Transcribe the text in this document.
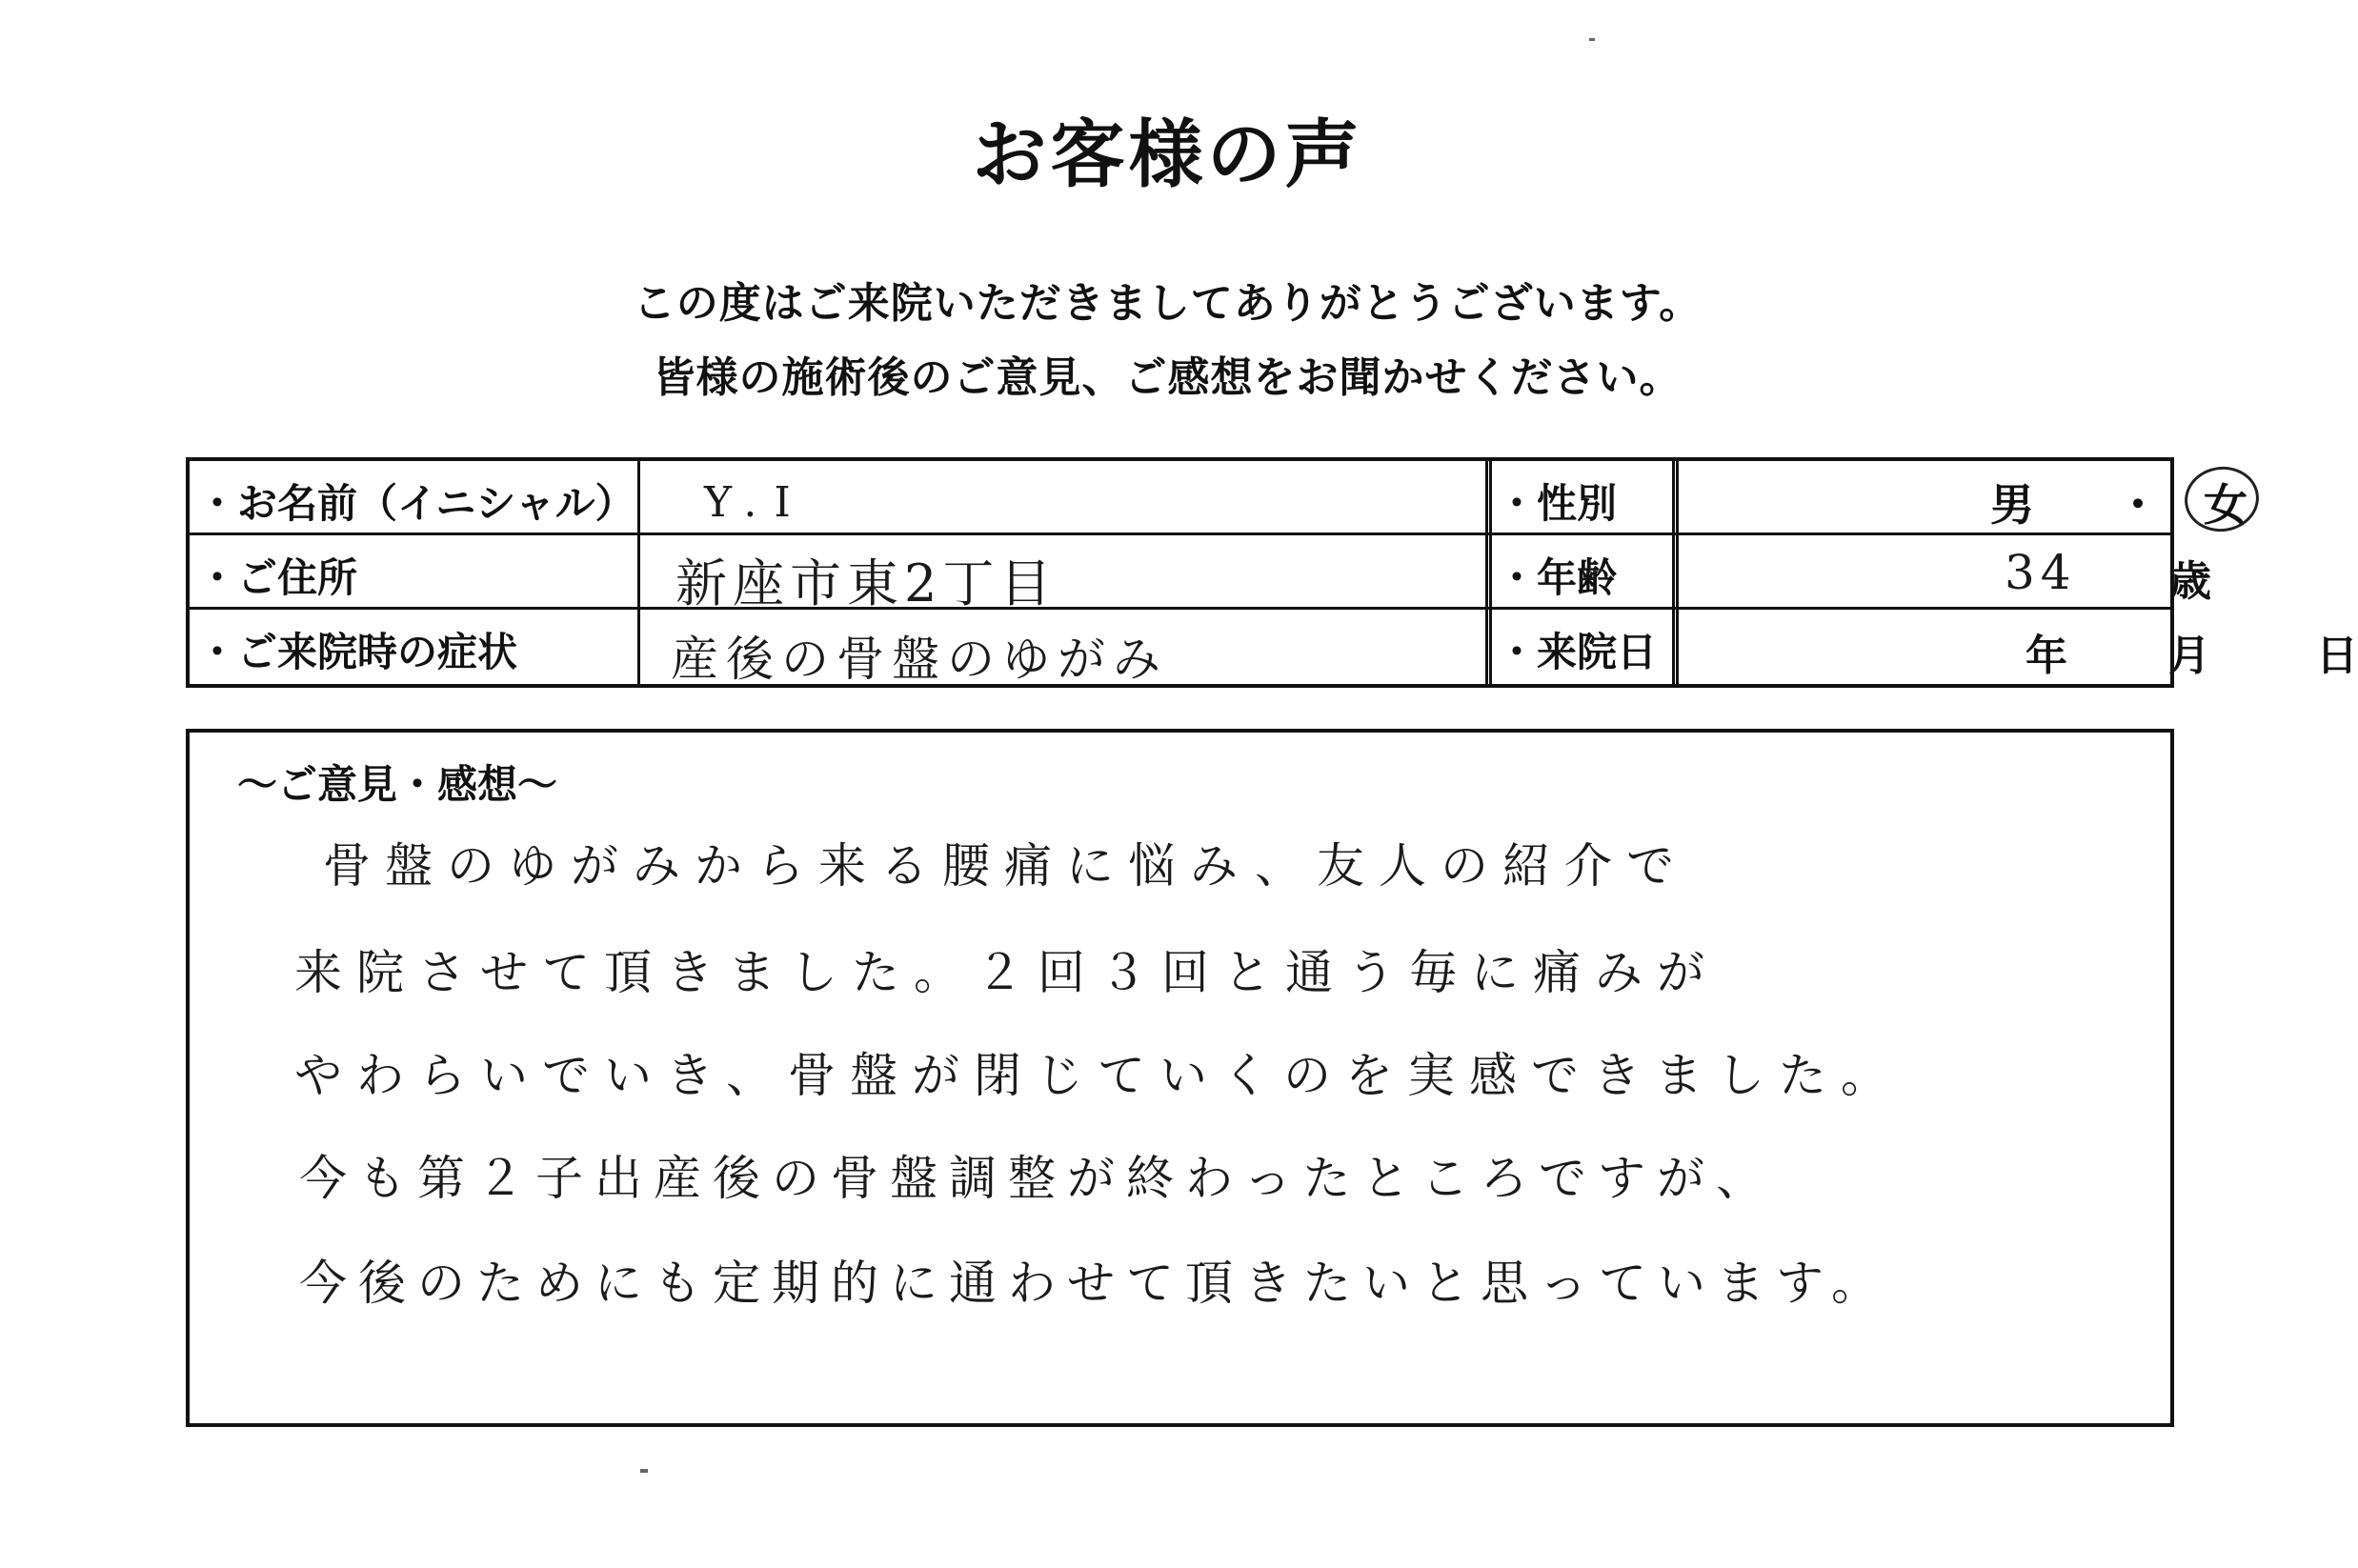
お客様の声
この度はご来院いただきましてありがとうございます。
皆様の施術後のご意見、ご感想をお聞かせください。
・お名前（イニシャル） Y.I	・性別	男 ・ 女
・ご住所	新座市東2丁目	・年齢	34 歳
・ご来院時の症状	産後の骨盤のゆがみ	・来院日	年 月	日
〜ご意見・感想〜
骨盤のゆがみから来る腰痛に悩み、友人の紹介で
来院させて頂きました。２回３回と通う毎に痛みが
やわらいでいき、骨盤が閉じていくのを実感できました。
今も第２子出産後の骨盤調整が終わったところですが、
今後のためにも定期的に通わせて頂きたいと思っています。
